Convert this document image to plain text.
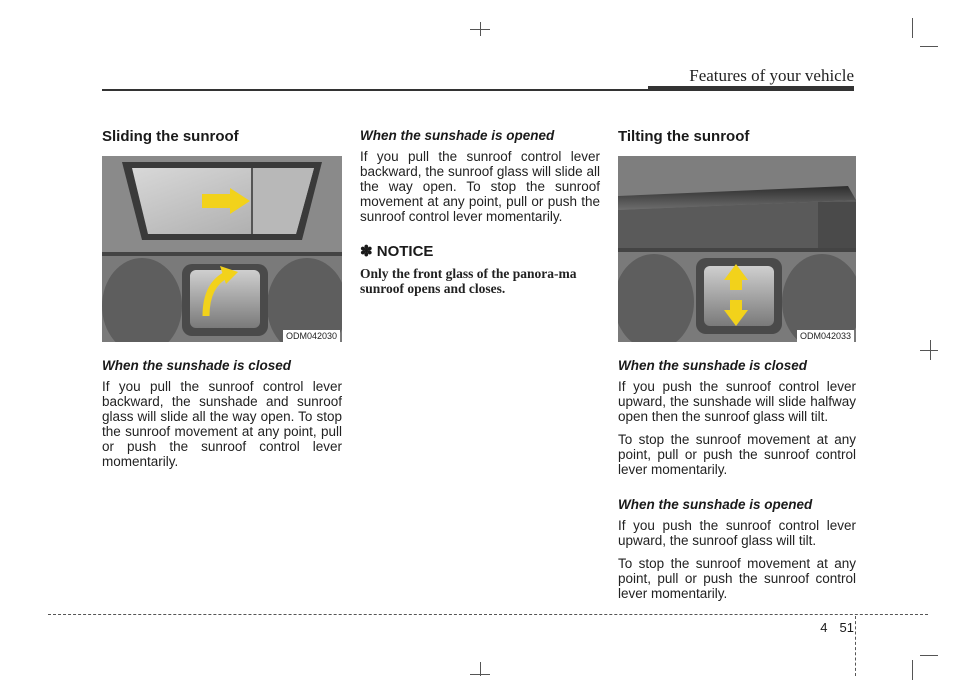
Features of your vehicle
Sliding the sunroof
ODM042030
When the sunshade is closed

If you pull the sunroof control lever backward, the sunshade and sunroof glass will slide all the way open. To stop the sunroof movement at any point, pull or push the sunroof control lever momentarily.

When the sunshade is opened

If you pull the sunroof control lever backward, the sunroof glass will slide all the way open. To stop the sunroof movement at any point, pull or push the sunroof control lever momentarily.

✽ NOTICE
Only the front glass of the panora-ma sunroof opens and closes.
Tilting the sunroof
ODM042033
When the sunshade is closed

If you push the sunroof control lever upward, the sunshade will slide halfway open then the sunroof glass will tilt.

To stop the sunroof movement at any point, pull or push the sunroof control lever momentarily.

When the sunshade is opened

If you push the sunroof control lever upward, the sunroof glass will tilt.

To stop the sunroof movement at any point, pull or push the sunroof control lever momentarily.

4 51
